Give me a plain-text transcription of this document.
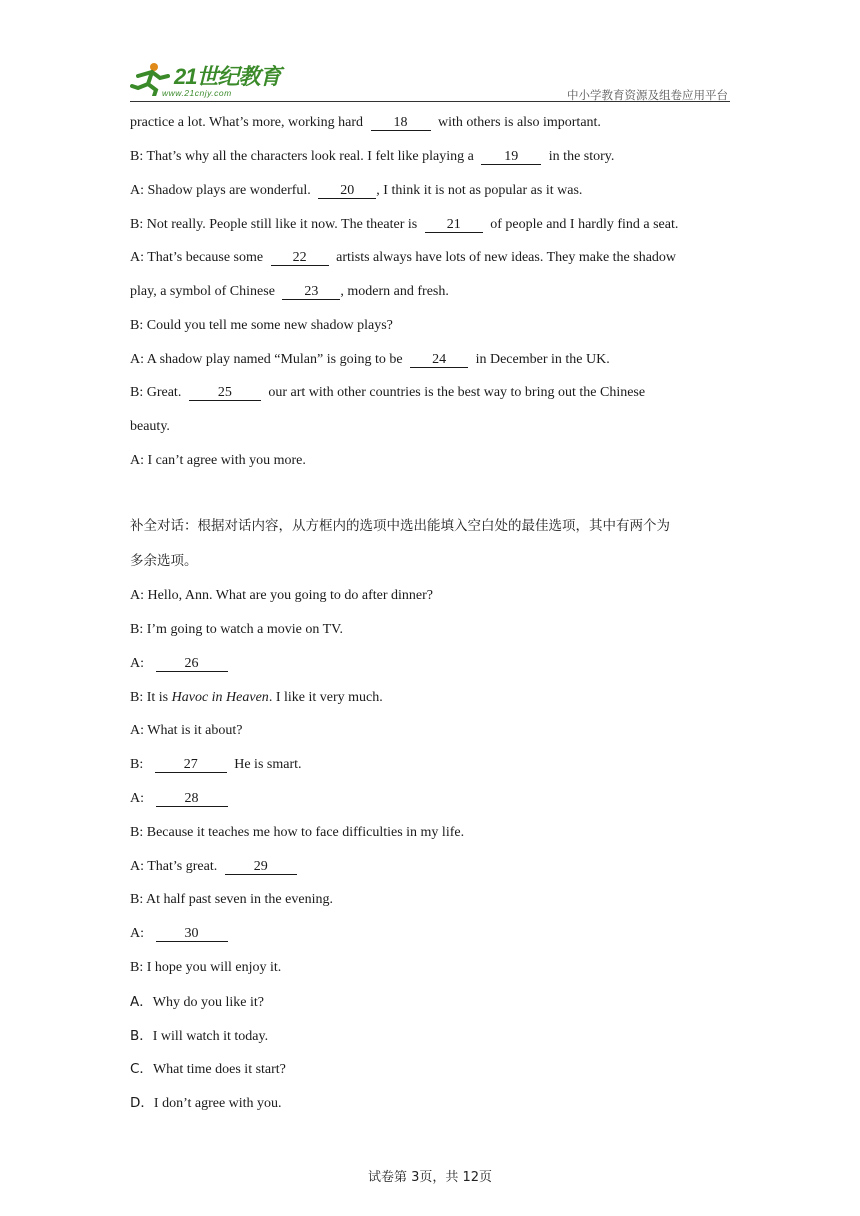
21世纪教育
www.21cnjy.com	中小学教育资源及组卷应用平台
practice a lot. What’s more, working hard 18 with others is also important.
B: That’s why all the characters look real. I felt like playing a 19 in the story.
A: Shadow plays are wonderful. 20 , I think it is not as popular as it was.
B: Not really. People still like it now. The theater is 21 of people and I hardly find a seat.
A: That’s because some 22 artists always have lots of new ideas. They make the shadow
play, a symbol of Chinese 23 , modern and fresh.
B: Could you tell me some new shadow plays?
A: A shadow play named “Mulan” is going to be 24 in December in the UK.
B: Great.	25	our art with other countries is the best way to bring out the Chinese
beauty.
A: I can’t agree with you more.
补全对话：根据对话内容，从方框内的选项中选出能填入空白处的最佳选项，其中有两个为
多余选项。
A: Hello, Ann. What are you going to do after dinner?
B: I’m going to watch a movie on TV.
A:	26
B: It is Havoc in Heaven. I like it very much.
A: What is it about?
B:	27	He is smart.
A:	28
B: Because it teaches me how to face difficulties in my life.
A: That’s great.	29
B: At half past seven in the evening.
A:	30
B: I hope you will enjoy it.
A．Why do you like it?
B．I will watch it today.
C．What time does it start?
D．I don’t agree with you.
试卷第 3页，共 12页
